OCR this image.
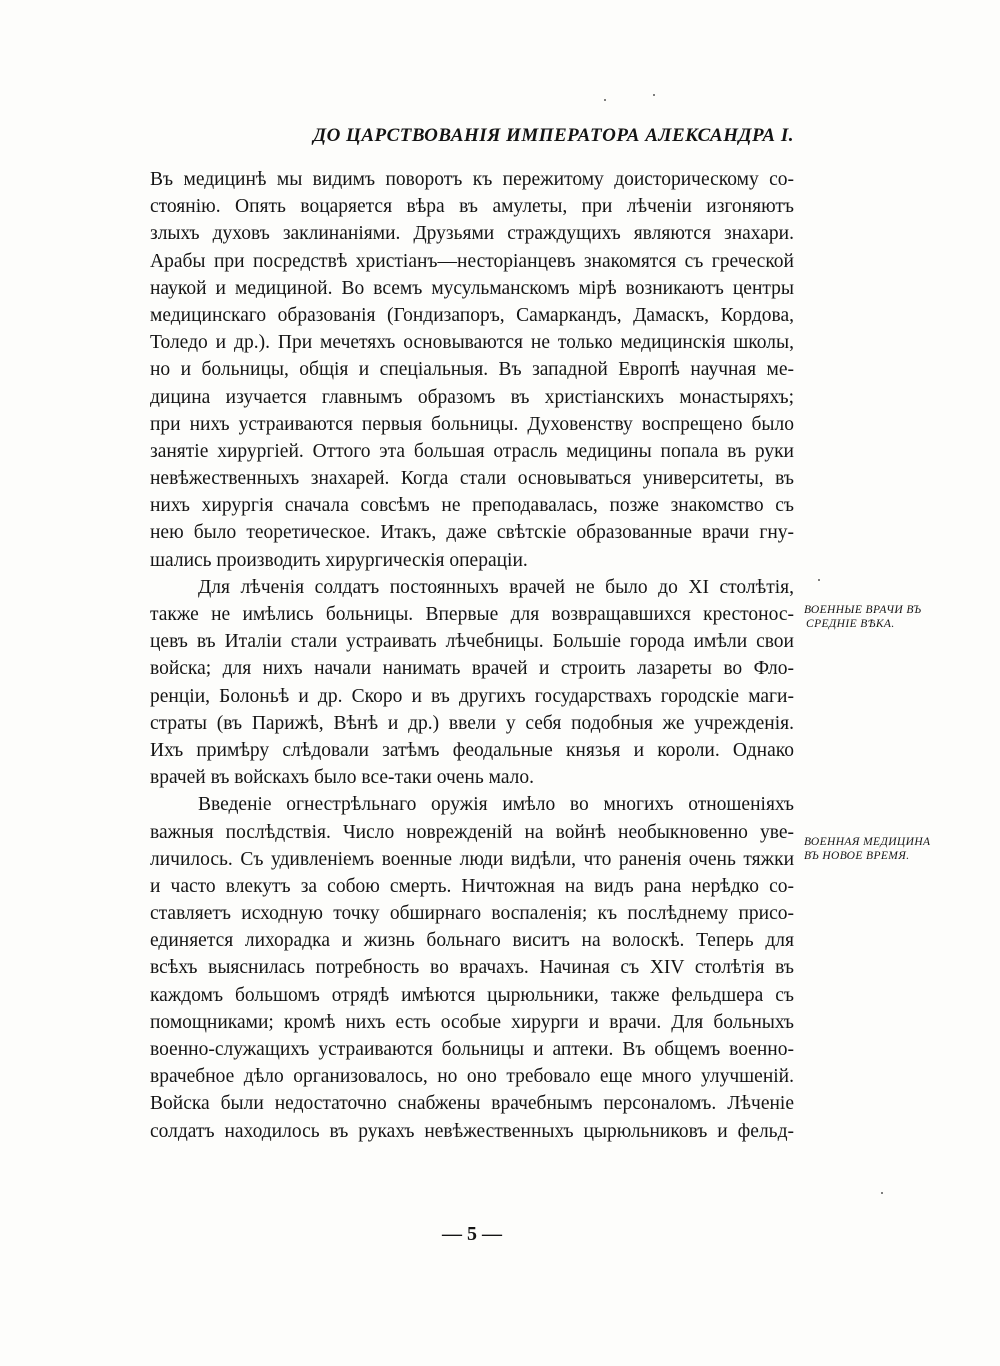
ДО ЦАРСТВОВАНІЯ ИМПЕРАТОРА АЛЕКСАНДРА I.
Въ медицинѣ мы видимъ поворотъ къ пережитому доисторическому со-
стоянію. Опять воцаряется вѣра въ амулеты, при лѣченіи изгоняютъ
злыхъ духовъ заклинаніями. Друзьями страждущихъ являются знахари.
Арабы при посредствѣ христіанъ—несторіанцевъ знакомятся съ греческой
наукой и медициной. Во всемъ мусульманскомъ мірѣ возникаютъ центры
медицинскаго образованія (Гондизапоръ, Самаркандъ, Дамаскъ, Кордова,
Толедо и др.). При мечетяхъ основываются не только медицинскія школы,
но и больницы, общія и спеціальныя. Въ западной Европѣ научная ме-
дицина изучается главнымъ образомъ въ христіанскихъ монастыряхъ;
при нихъ устраиваются первыя больницы. Духовенству воспрещено было
занятіе хирургіей. Оттого эта большая отрасль медицины попала въ руки
невѣжественныхъ знахарей. Когда стали основываться университеты, въ
нихъ хирургія сначала совсѣмъ не преподавалась, позже знакомство съ
нею было теоретическое. Итакъ, даже свѣтскіе образованные врачи гну-
шались производить хирургическія операціи.
Для лѣченія солдатъ постоянныхъ врачей не было до XI столѣтія,
также не имѣлись больницы. Впервые для возвращавшихся крестонос-
цевъ въ Италіи стали устраивать лѣчебницы. Большіе города имѣли свои
войска; для нихъ начали нанимать врачей и строить лазареты во Фло-
ренціи, Болоньѣ и др. Скоро и въ другихъ государствахъ городскіе маги-
страты (въ Парижѣ, Вѣнѣ и др.) ввели у себя подобныя же учрежденія.
Ихъ примѣру слѣдовали затѣмъ феодальные князья и короли. Однако
врачей въ войскахъ было все-таки очень мало.
Введеніе огнестрѣльнаго оружія имѣло во многихъ отношеніяхъ
важныя послѣдствія. Число новрежденій на войнѣ необыкновенно уве-
личилось. Съ удивленіемъ военные люди видѣли, что раненія очень тяжки
и часто влекутъ за собою смерть. Ничтожная на видъ рана нерѣдко со-
ставляетъ исходную точку обширнаго воспаленія; къ послѣднему присо-
единяется лихорадка и жизнь больнаго виситъ на волоскѣ. Теперь для
всѣхъ выяснилась потребность во врачахъ. Начиная съ XIV столѣтія въ
каждомъ большомъ отрядѣ имѣются цырюльники, также фельдшера съ
помощниками; кромѣ нихъ есть особые хирурги и врачи. Для больныхъ
военно-служащихъ устраиваются больницы и аптеки. Въ общемъ военно-
врачебное дѣло организовалось, но оно требовало еще много улучшеній.
Войска были недостаточно снабжены врачебнымъ персоналомъ. Лѣченіе
солдатъ находилось въ рукахъ невѣжественныхъ цырюльниковъ и фельд-
ВОЕННЫЕ ВРАЧИ ВЪ
СРЕДНІЕ ВѢКА.
ВОЕННАЯ МЕДИЦИНА
ВЪ НОВОЕ ВРЕМЯ.
— 5 —
